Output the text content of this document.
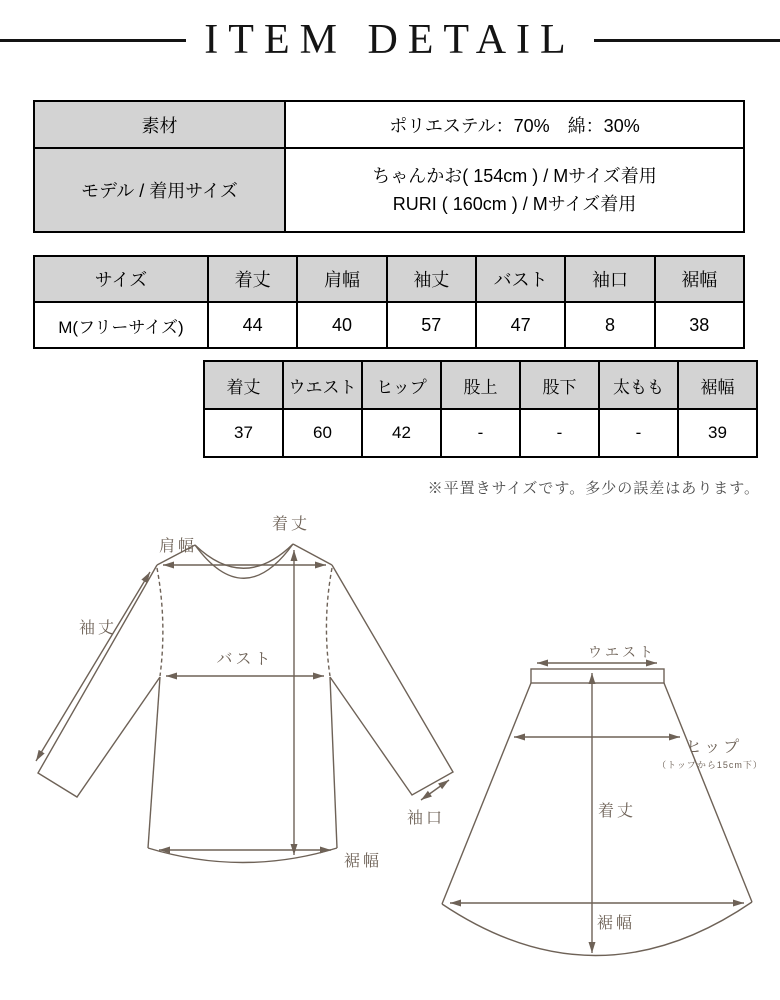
ITEM DETAIL
素材	ポリエステル：70%　綿：30%
モデル / 着用サイズ	ちゃんかお( 154cm ) / Mサイズ着用
RURI ( 160cm ) / Mサイズ着用
サイズ	着丈	肩幅	袖丈	バスト	袖口	裾幅
M(フリーサイズ)	44	40	57	47	8	38
着丈	ウエスト	ヒップ	股上	股下	太もも	裾幅
37	60	42	-	-	-	39
※平置きサイズです。多少の誤差はあります。
着丈
肩幅
袖丈
バスト
袖口
裾幅
ウエスト
ヒップ
（トップから15cm下）
着丈
裾幅
